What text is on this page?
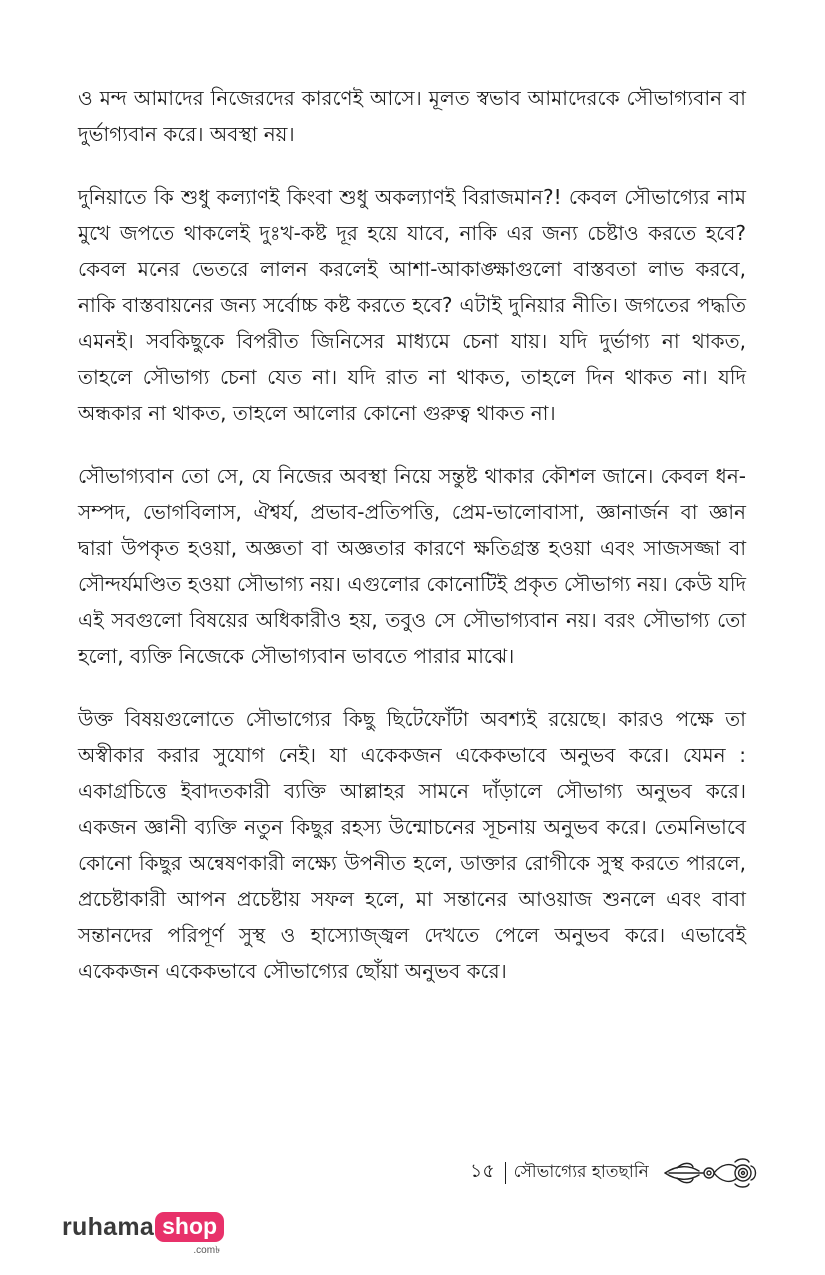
ও মন্দ আমাদের নিজেরদের কারণেই আসে। মূলত স্বভাব আমাদেরকে সৌভাগ্যবান বা দুর্ভাগ্যবান করে। অবস্থা নয়।

দুনিয়াতে কি শুধু কল্যাণই কিংবা শুধু অকল্যাণই বিরাজমান?! কেবল সৌভাগ্যের নাম মুখে জপতে থাকলেই দুঃখ-কষ্ট দূর হয়ে যাবে, নাকি এর জন্য চেষ্টাও করতে হবে? কেবল মনের ভেতরে লালন করলেই আশা-আকাঙ্ক্ষাগুলো বাস্তবতা লাভ করবে, নাকি বাস্তবায়নের জন্য সর্বোচ্চ কষ্ট করতে হবে? এটাই দুনিয়ার নীতি। জগতের পদ্ধতি এমনই। সবকিছুকে বিপরীত জিনিসের মাধ্যমে চেনা যায়। যদি দুর্ভাগ্য না থাকত, তাহলে সৌভাগ্য চেনা যেত না। যদি রাত না থাকত, তাহলে দিন থাকত না। যদি অন্ধকার না থাকত, তাহলে আলোর কোনো গুরুত্ব থাকত না।

সৌভাগ্যবান তো সে, যে নিজের অবস্থা নিয়ে সন্তুষ্ট থাকার কৌশল জানে। কেবল ধন-সম্পদ, ভোগবিলাস, ঐশ্বর্য, প্রভাব-প্রতিপত্তি, প্রেম-ভালোবাসা, জ্ঞানার্জন বা জ্ঞান দ্বারা উপকৃত হওয়া, অজ্ঞতা বা অজ্ঞতার কারণে ক্ষতিগ্রস্ত হওয়া এবং সাজসজ্জা বা সৌন্দর্যমণ্ডিত হওয়া সৌভাগ্য নয়। এগুলোর কোনোটিই প্রকৃত সৌভাগ্য নয়। কেউ যদি এই সবগুলো বিষয়ের অধিকারীও হয়, তবুও সে সৌভাগ্যবান নয়। বরং সৌভাগ্য তো হলো, ব্যক্তি নিজেকে সৌভাগ্যবান ভাবতে পারার মাঝে।

উক্ত বিষয়গুলোতে সৌভাগ্যের কিছু ছিটেফোঁটা অবশ্যই রয়েছে। কারও পক্ষে তা অস্বীকার করার সুযোগ নেই। যা একেকজন একেকভাবে অনুভব করে। যেমন : একাগ্রচিত্তে ইবাদতকারী ব্যক্তি আল্লাহর সামনে দাঁড়ালে সৌভাগ্য অনুভব করে। একজন জ্ঞানী ব্যক্তি নতুন কিছুর রহস্য উন্মোচনের সূচনায় অনুভব করে। তেমনিভাবে কোনো কিছুর অন্বেষণকারী লক্ষ্যে উপনীত হলে, ডাক্তার রোগীকে সুস্থ করতে পারলে, প্রচেষ্টাকারী আপন প্রচেষ্টায় সফল হলে, মা সন্তানের আওয়াজ শুনলে এবং বাবা সন্তানদের পরিপূর্ণ সুস্থ ও হাস্যোজ্জ্বল দেখতে পেলে অনুভব করে। এভাবেই একেকজন একেকভাবে সৌভাগ্যের ছোঁয়া অনুভব করে।

১৫ সৌভাগ্যের হাতছানি
ruhama shop
.com৳
